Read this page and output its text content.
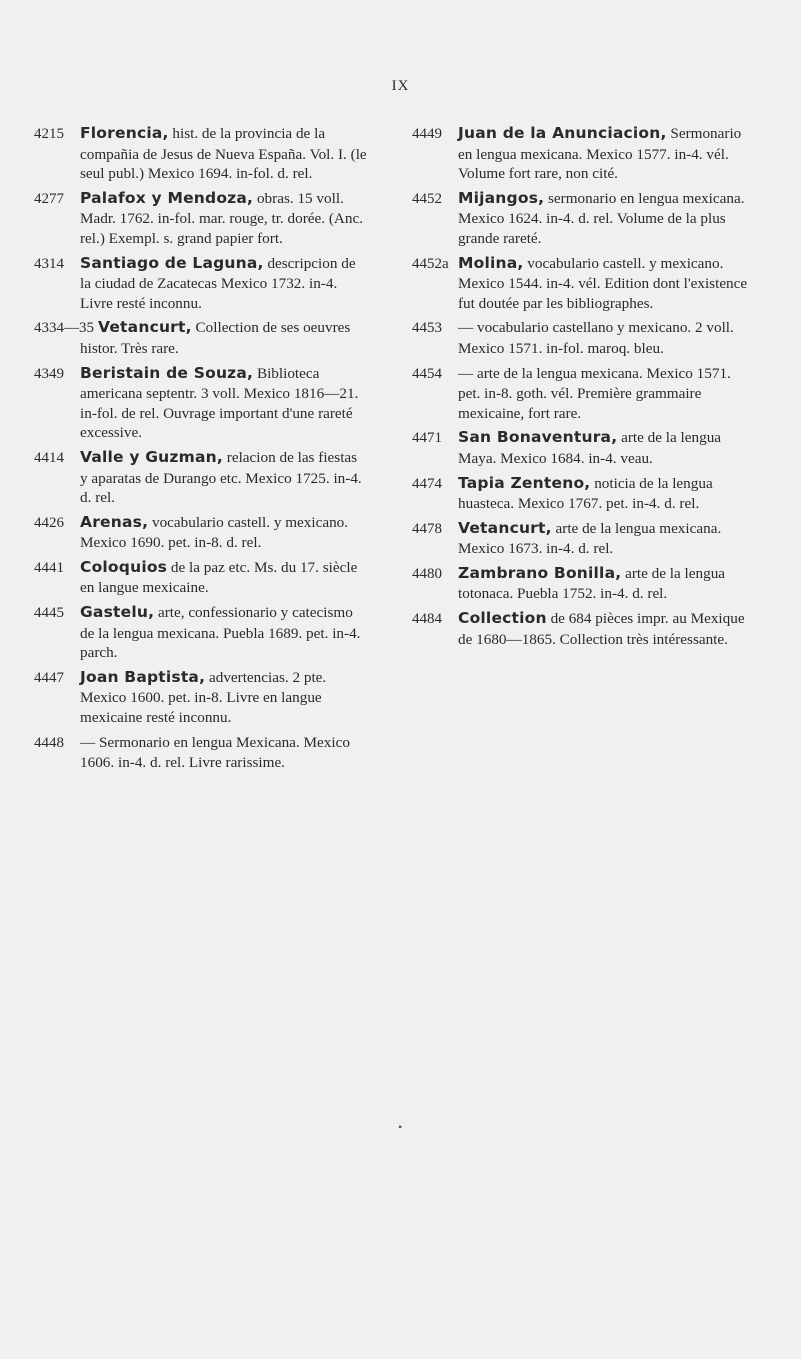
IX

4215 Florencia, hist. de la provincia de la compañia de Jesus de Nueva España. Vol. I. (le seul publ.) Mexico 1694. in-fol. d. rel.

4277 Palafox y Mendoza, obras. 15 voll. Madr. 1762. in-fol. mar. rouge, tr. dorée. (Anc. rel.) Exempl. s. grand papier fort.

4314 Santiago de Laguna, descripcion de la ciudad de Zacatecas Mexico 1732. in-4. Livre resté inconnu.

4334—35 Vetancurt, Collection de ses oeuvres histor. Très rare.

4349 Beristain de Souza, Biblioteca americana septentr. 3 voll. Mexico 1816—21. in-fol. de rel. Ouvrage important d'une rareté excessive.

4414 Valle y Guzman, relacion de las fiestas y aparatas de Durango etc. Mexico 1725. in-4. d. rel.

4426 Arenas, vocabulario castell. y mexicano. Mexico 1690. pet. in-8. d. rel.

4441 Coloquios de la paz etc. Ms. du 17. siècle en langue mexicaine.

4445 Gastelu, arte, confessionario y catecismo de la lengua mexicana. Puebla 1689. pet. in-4. parch.

4447 Joan Baptista, advertencias. 2 pte. Mexico 1600. pet. in-8. Livre en langue mexicaine resté inconnu.

4448 — Sermonario en lengua Mexicana. Mexico 1606. in-4. d. rel. Livre rarissime.

4449 Juan de la Anunciacion, Sermonario en lengua mexicana. Mexico 1577. in-4. vél. Volume fort rare, non cité.

4452 Mijangos, sermonario en lengua mexicana. Mexico 1624. in-4. d. rel. Volume de la plus grande rareté.

4452a Molina, vocabulario castell. y mexicano. Mexico 1544. in-4. vél. Edition dont l'existence fut doutée par les bibliographes.

4453 — vocabulario castellano y mexicano. 2 voll. Mexico 1571. in-fol. maroq. bleu.

4454 — arte de la lengua mexicana. Mexico 1571. pet. in-8. goth. vél. Première grammaire mexicaine, fort rare.

4471 San Bonaventura, arte de la lengua Maya. Mexico 1684. in-4. veau.

4474 Tapia Zenteno, noticia de la lengua huasteca. Mexico 1767. pet. in-4. d. rel.

4478 Vetancurt, arte de la lengua mexicana. Mexico 1673. in-4. d. rel.

4480 Zambrano Bonilla, arte de la lengua totonaca. Puebla 1752. in-4. d. rel.

4484 Collection de 684 pièces impr. au Mexique de 1680—1865. Collection très intéressante.

•
